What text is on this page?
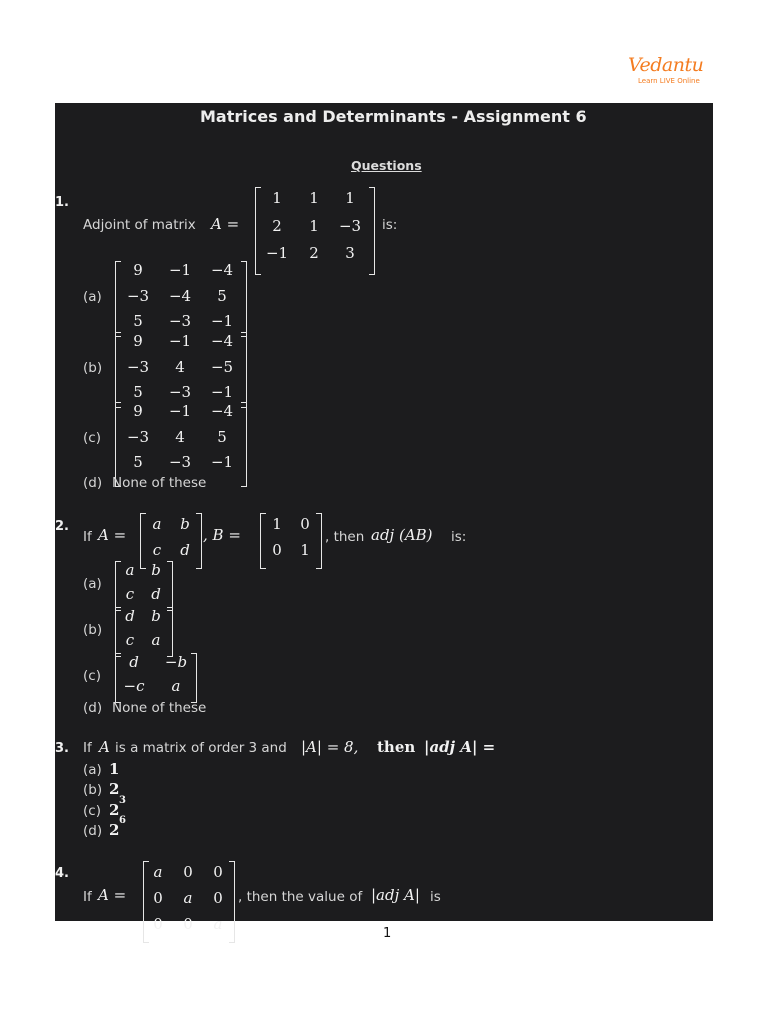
Vedantu
Learn LIVE Online
Matrices and Determinants - Assignment 6
Questions
1.
Adjoint of matrix A =
1	1	1
2	1	−3
−1	2	3
is:
(a)
9	−1	−4
−3	−4	5
5	−3	−1
(b)
9	−1	−4
−3	4	−5
5	−3	−1
(c)
9	−1	−4
−3	4	5
5	−3	−1
(d) None of these
2.
If A =
a	b
c	d
, B =
1	0
0	1
, then adj (AB) is:
(a)
a	b
c	d
(b)
d	b
c	a
(c)
d	−b
−c	a
(d) None of these
3. If A is a matrix of order 3 and |A| = 8, then |adj A| =
(a) 1
(b) 2
(c) 2
3
(d) 2
6
4.
If A =
a	0	0
0	a	0
0	0	a
, then the value of |adj A| is
1
